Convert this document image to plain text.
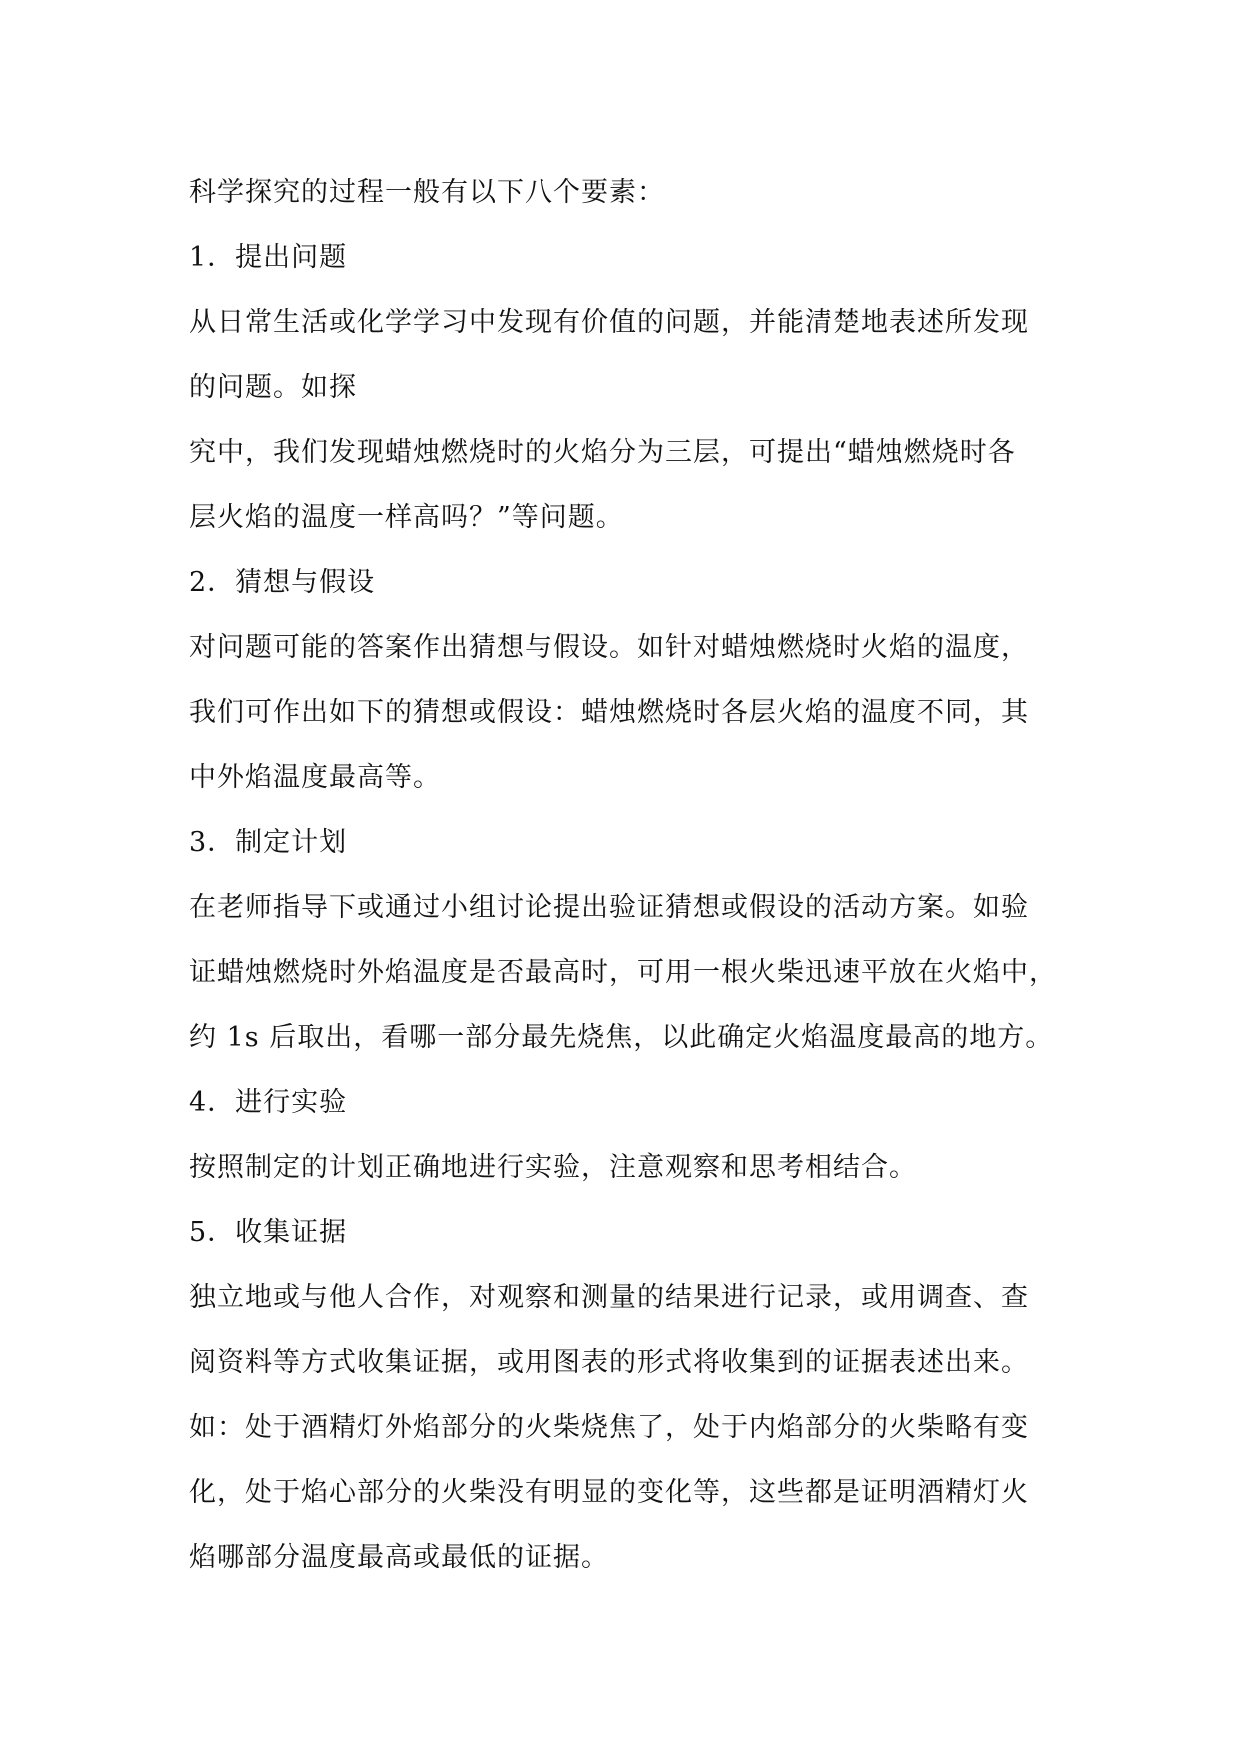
科学探究的过程一般有以下八个要素：
1．提出问题
从日常生活或化学学习中发现有价值的问题，并能清楚地表述所发现
的问题。如探
究中，我们发现蜡烛燃烧时的火焰分为三层，可提出“蜡烛燃烧时各
层火焰的温度一样高吗？”等问题。
2．猜想与假设
对问题可能的答案作出猜想与假设。如针对蜡烛燃烧时火焰的温度，
我们可作出如下的猜想或假设：蜡烛燃烧时各层火焰的温度不同，其
中外焰温度最高等。
3．制定计划
在老师指导下或通过小组讨论提出验证猜想或假设的活动方案。如验
证蜡烛燃烧时外焰温度是否最高时，可用一根火柴迅速平放在火焰中，
约 1s 后取出，看哪一部分最先烧焦，以此确定火焰温度最高的地方。
4．进行实验
按照制定的计划正确地进行实验，注意观察和思考相结合。
5．收集证据
独立地或与他人合作，对观察和测量的结果进行记录，或用调查、查
阅资料等方式收集证据，或用图表的形式将收集到的证据表述出来。
如：处于酒精灯外焰部分的火柴烧焦了，处于内焰部分的火柴略有变
化，处于焰心部分的火柴没有明显的变化等，这些都是证明酒精灯火
焰哪部分温度最高或最低的证据。
